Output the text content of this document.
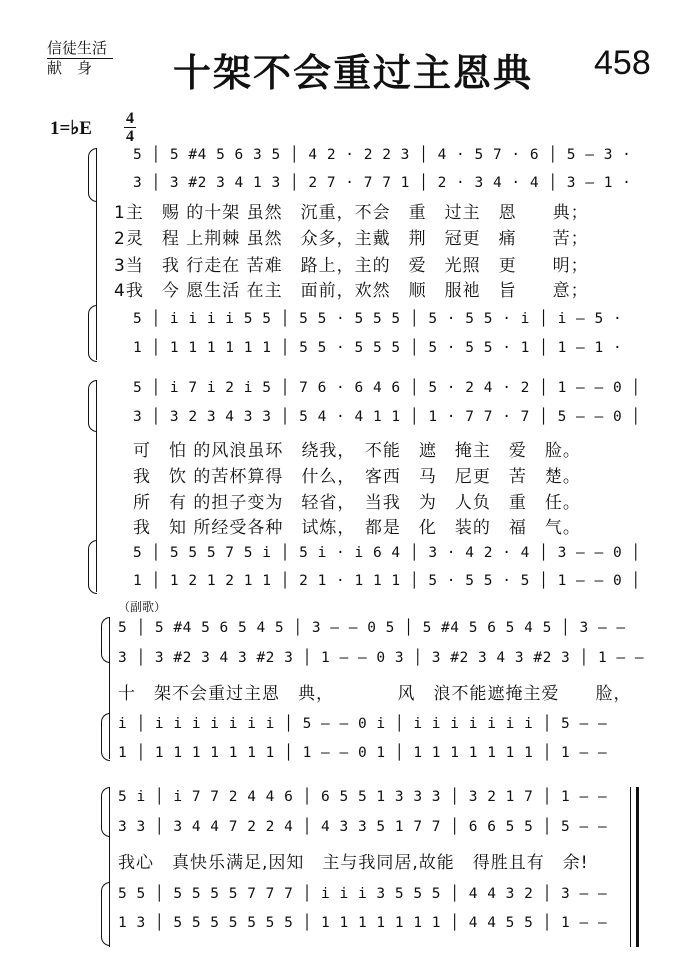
信徒生活
献　身 十架不会重过主恩典 458
1=♭E 4
4
5 │ 5 #4 5 6 3 5 │ 4 2 · 2 2 3 │ 4 · 5 7 · 6 │ 5 — 3 ·
3 │ 3 #2 3 4 1 3 │ 2 7 · 7 7 1 │ 2 · 3 4 · 4 │ 3 — 1 ·
1主　赐 的十架 虽然　沉重，不会　重　过主　恩　　典；
2灵　程 上荆棘 虽然　众多，主戴　荆　冠更　痛　　苦；
3当　我 行走在 苦难　路上，主的　爱　光照　更　　明；
4我　今 愿生活 在主　面前，欢然　顺　服祂　旨　　意；
5 │ i i i i 5 5 │ 5 5 · 5 5 5 │ 5 · 5 5 · i │ i — 5 ·
1 │ 1 1 1 1 1 1 │ 5 5 · 5 5 5 │ 5 · 5 5 · 1 │ 1 — 1 ·
5 │ i 7 i 2 i 5 │ 7 6 · 6 4 6 │ 5 · 2 4 · 2 │ 1 — — 0 │
3 │ 3 2 3 4 3 3 │ 5 4 · 4 1 1 │ 1 · 7 7 · 7 │ 5 — — 0 │
可　怕 的风浪虽环　绕我，　不能　遮　掩主　爱　脸。
我　饮 的苦杯算得　什么，　客西　马　尼更　苦　楚。
所　有 的担子变为　轻省，　当我　为　人负　重　任。
我　知 所经受各种　试炼，　都是　化　装的　福　气。
5 │ 5 5 5 7 5 i │ 5 i · i 6 4 │ 3 · 4 2 · 4 │ 3 — — 0 │
1 │ 1 2 1 2 1 1 │ 2 1 · 1 1 1 │ 5 · 5 5 · 5 │ 1 — — 0 │
（副歌）
5 │ 5 #4 5 6 5 4 5 │ 3 — — 0 5 │ 5 #4 5 6 5 4 5 │ 3 — —
3 │ 3 #2 3 4 3 #2 3 │ 1 — — 0 3 │ 3 #2 3 4 3 #2 3 │ 1 — —
十　架不会重过主恩　典，　　　　风　浪不能遮掩主爱　　脸，
i │ i i i i i i i │ 5 — — 0 i │ i i i i i i i │ 5 — —
1 │ 1 1 1 1 1 1 1 │ 1 — — 0 1 │ 1 1 1 1 1 1 1 │ 1 — —
5 i │ i 7 7 2 4 4 6 │ 6 5 5 1 3 3 3 │ 3 2 1 7 │ 1 — —
3 3 │ 3 4 4 7 2 2 4 │ 4 3 3 5 1 7 7 │ 6 6 5 5 │ 5 — —
我心　真快乐满足,因知　主与我同居,故能　得胜且有　余!
5 5 │ 5 5 5 5 7 7 7 │ i i i 3 5 5 5 │ 4 4 3 2 │ 3 — —
1 3 │ 5 5 5 5 5 5 5 │ 1 1 1 1 1 1 1 │ 4 4 5 5 │ 1 — —
